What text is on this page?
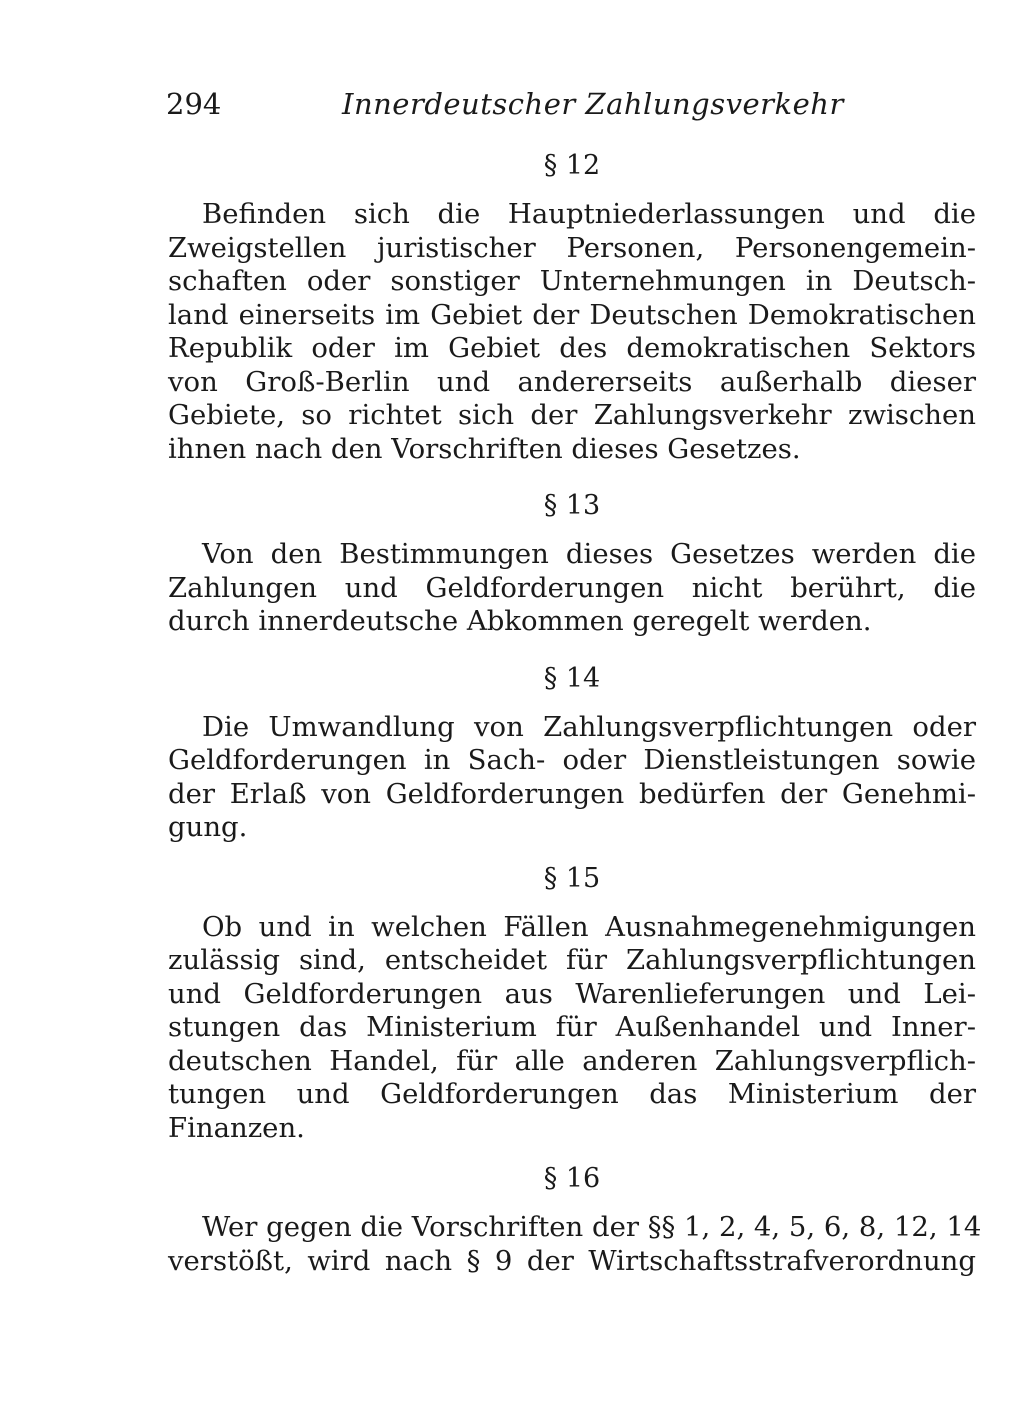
294	Innerdeutscher Zahlungsverkehr
§ 12
Befinden sich die Hauptniederlassungen und die
Zweigstellen juristischer Personen, Personengemein-
schaften oder sonstiger Unternehmungen in Deutsch-
land einerseits im Gebiet der Deutschen Demokratischen
Republik oder im Gebiet des demokratischen Sektors
von Groß-Berlin und andererseits außerhalb dieser
Gebiete, so richtet sich der Zahlungsverkehr zwischen
ihnen nach den Vorschriften dieses Gesetzes.
§ 13
Von den Bestimmungen dieses Gesetzes werden die
Zahlungen und Geldforderungen nicht berührt, die
durch innerdeutsche Abkommen geregelt werden.
§ 14
Die Umwandlung von Zahlungsverpflichtungen oder
Geldforderungen in Sach- oder Dienstleistungen sowie
der Erlaß von Geldforderungen bedürfen der Genehmi-
gung.
§ 15
Ob und in welchen Fällen Ausnahmegenehmigungen
zulässig sind, entscheidet für Zahlungsverpflichtungen
und Geldforderungen aus Warenlieferungen und Lei-
stungen das Ministerium für Außenhandel und Inner-
deutschen Handel, für alle anderen Zahlungsverpflich-
tungen und Geldforderungen das Ministerium der
Finanzen.
§ 16
Wer gegen die Vorschriften der §§ 1, 2, 4, 5, 6, 8, 12, 14
verstößt, wird nach § 9 der Wirtschaftsstrafverordnung
